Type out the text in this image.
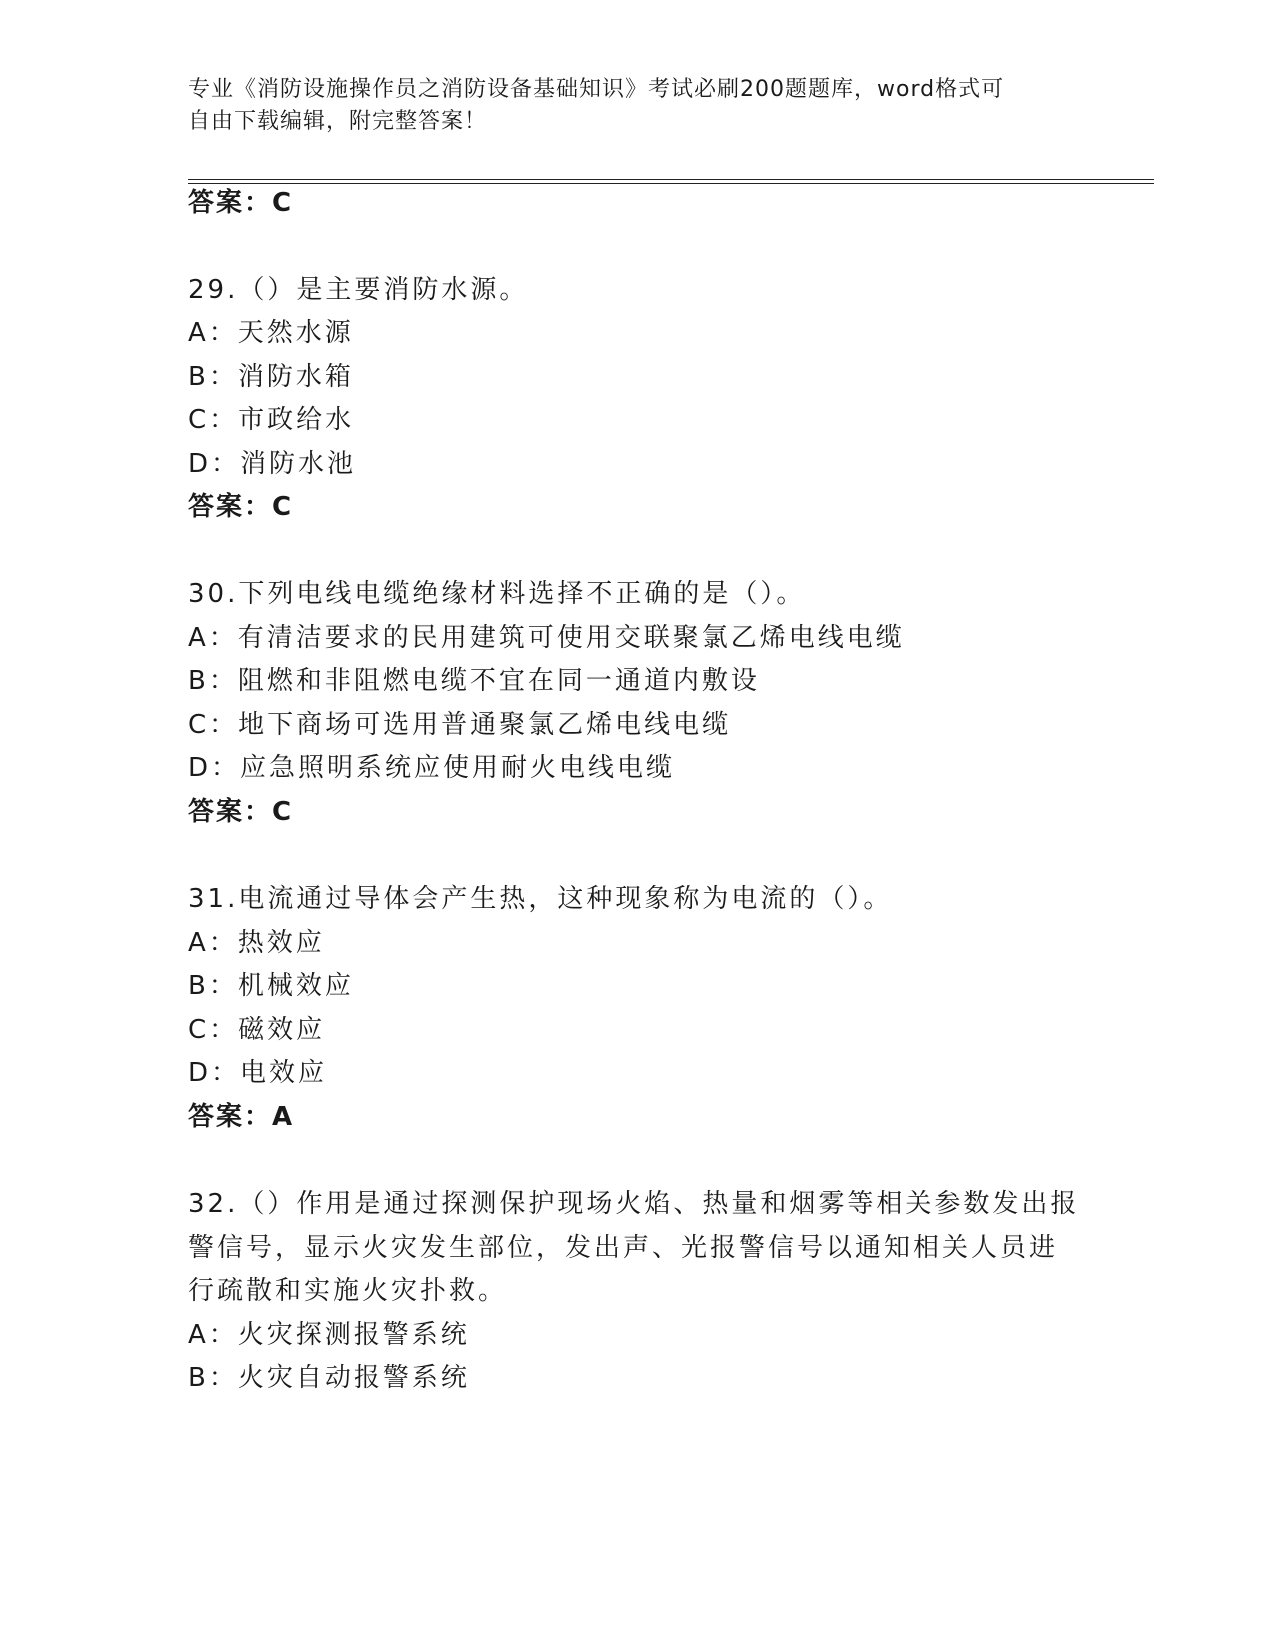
专业《消防设施操作员之消防设备基础知识》考试必刷200题题库，word格式可
自由下载编辑，附完整答案！
答案：C
29.（）是主要消防水源。
A：天然水源
B：消防水箱
C：市政给水
D：消防水池
答案：C
30.下列电线电缆绝缘材料选择不正确的是（）。
A：有清洁要求的民用建筑可使用交联聚氯乙烯电线电缆
B：阻燃和非阻燃电缆不宜在同一通道内敷设
C：地下商场可选用普通聚氯乙烯电线电缆
D：应急照明系统应使用耐火电线电缆
答案：C
31.电流通过导体会产生热，这种现象称为电流的（）。
A：热效应
B：机械效应
C：磁效应
D：电效应
答案：A
32.（）作用是通过探测保护现场火焰、热量和烟雾等相关参数发出报
警信号，显示火灾发生部位，发出声、光报警信号以通知相关人员进
行疏散和实施火灾扑救。
A：火灾探测报警系统
B：火灾自动报警系统
